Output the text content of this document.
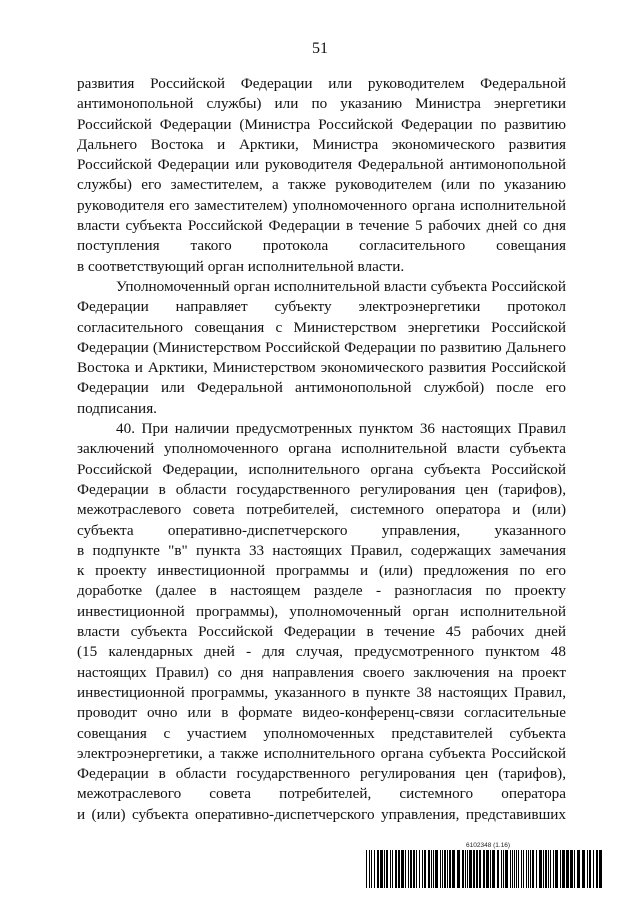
51
развития Российской Федерации или руководителем Федеральной
антимонопольной службы) или по указанию Министра энергетики
Российской Федерации (Министра Российской Федерации по развитию
Дальнего Востока и Арктики, Министра экономического развития
Российской Федерации или руководителя Федеральной антимонопольной
службы) его заместителем, а также руководителем (или по указанию
руководителя его заместителем) уполномоченного органа исполнительной
власти субъекта Российской Федерации в течение 5 рабочих дней со дня
поступления такого протокола согласительного совещания
в соответствующий орган исполнительной власти.
Уполномоченный орган исполнительной власти субъекта Российской
Федерации направляет субъекту электроэнергетики протокол
согласительного совещания с Министерством энергетики Российской
Федерации (Министерством Российской Федерации по развитию Дальнего
Востока и Арктики, Министерством экономического развития Российской
Федерации или Федеральной антимонопольной службой) после его
подписания.
40. При наличии предусмотренных пунктом 36 настоящих Правил
заключений уполномоченного органа исполнительной власти субъекта
Российской Федерации, исполнительного органа субъекта Российской
Федерации в области государственного регулирования цен (тарифов),
межотраслевого совета потребителей, системного оператора и (или)
субъекта оперативно-диспетчерского управления, указанного
в подпункте "в" пункта 33 настоящих Правил, содержащих замечания
к проекту инвестиционной программы и (или) предложения по его
доработке (далее в настоящем разделе - разногласия по проекту
инвестиционной программы), уполномоченный орган исполнительной
власти субъекта Российской Федерации в течение 45 рабочих дней
(15 календарных дней - для случая, предусмотренного пунктом 48
настоящих Правил) со дня направления своего заключения на проект
инвестиционной программы, указанного в пункте 38 настоящих Правил,
проводит очно или в формате видео-конференц-связи согласительные
совещания с участием уполномоченных представителей субъекта
электроэнергетики, а также исполнительного органа субъекта Российской
Федерации в области государственного регулирования цен (тарифов),
межотраслевого совета потребителей, системного оператора
и (или) субъекта оперативно-диспетчерского управления, представивших
6102348 (1.16)
